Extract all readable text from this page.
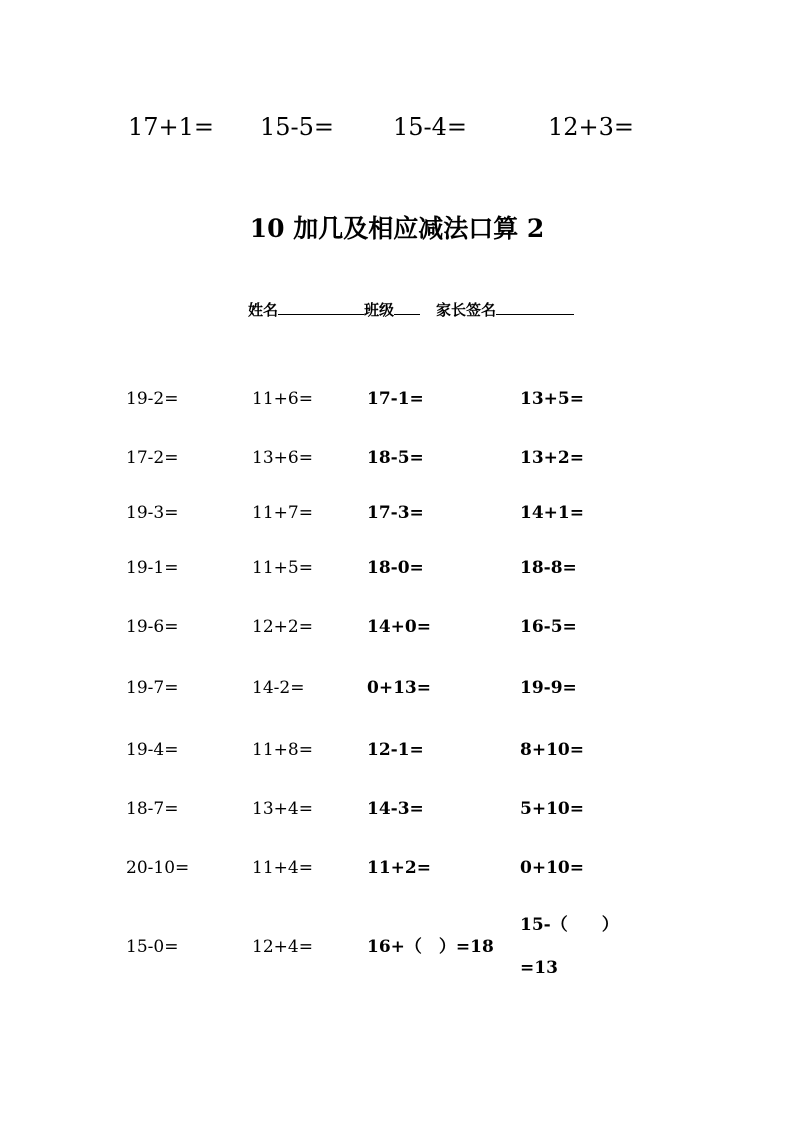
17+1= 15-5= 15-4=	12+3=
10 加几及相应减法口算 2
姓名	班级	家长签名
19-2=	11+6=	17-1=	13+5=
17-2=	13+6=	18-5=	13+2=
19-3=	11+7=	17-3=	14+1=
19-1=	11+5=	18-0=	18-8=
19-6=	12+2=	14+0=	16-5=
19-7=	14-2=	0+13=	19-9=
19-4=	11+8=	12-1=	8+10=
18-7=	13+4=	14-3=	5+10=
20-10=	11+4=	11+2=	0+10=
15-0=	12+4=	16+（　）=18
15-（　　）
=13
